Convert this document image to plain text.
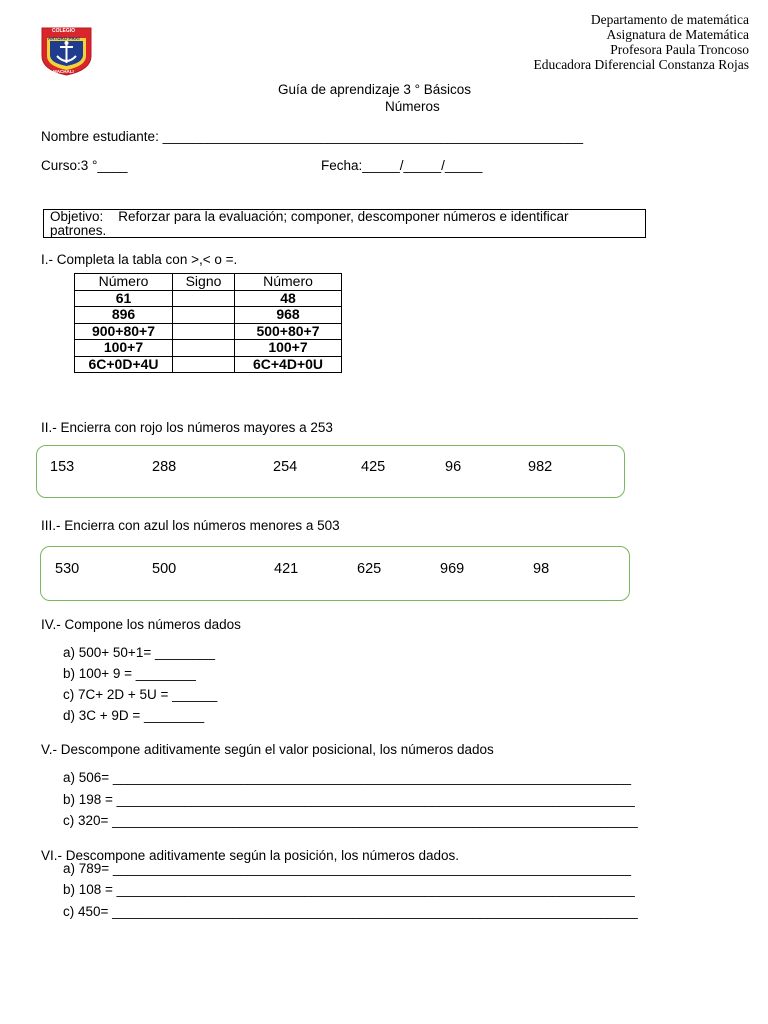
COLEGIO
ARTURO PRAT
MACHALI
Departamento de matemática
Asignatura de Matemática
Profesora Paula Troncoso
Educadora Diferencial Constanza Rojas
Guía de aprendizaje 3 ° Básicos
Números
Nombre estudiante: ________________________________________________________
Curso:3 °____	Fecha:_____/_____/_____
Objetivo: Reforzar para la evaluación; componer, descomponer números e identificar
patrones.
I.- Completa la tabla con >,< o =.
Número	Signo	Número
61		48
896		968
900+80+7		500+80+7
100+7		100+7
6C+0D+4U		6C+4D+0U
II.- Encierra con rojo los números mayores a 253
153	288	254	425	96	982
III.- Encierra con azul los números menores a 503
530	500	421	625	969	98
IV.- Compone los números dados
a) 500+ 50+1= ________
b) 100+ 9 = ________
c) 7C+ 2D + 5U = ______
d) 3C + 9D = ________
V.- Descompone aditivamente según el valor posicional, los números dados
a) 506= _____________________________________________________________________
b) 198 = _____________________________________________________________________
c) 320= ______________________________________________________________________
VI.- Descompone aditivamente según la posición, los números dados.
a) 789= _____________________________________________________________________
b) 108 = _____________________________________________________________________
c) 450= ______________________________________________________________________
